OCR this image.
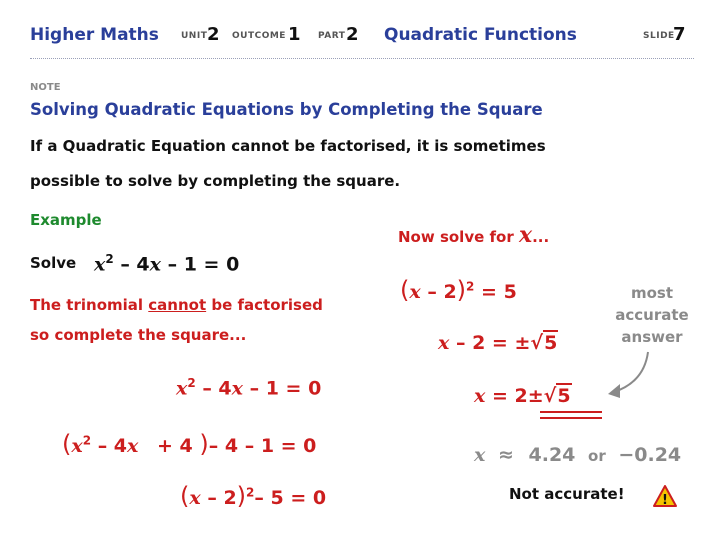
Higher Maths UNIT 2 OUTCOME 1 PART 2 Quadratic Functions	SLIDE
7
NOTE
Solving Quadratic Equations by Completing the Square
If a Quadratic Equation cannot be factorised, it is sometimes
possible to solve by completing the square.
Example
Solve $x^2 - 4x - 1 = 0$
The trinomial cannot be factorised
so complete the square...
$x^2 - 4x - 1 = 0$
($x^2 - 4x + 4$ )– 4 – 1 = 0
(x – 2)$^2$– 5 = 0
Now solve for x...
(x – 2)$^2$ = 5
x – 2 = ±√5
x = 2±√5
most
accurate
answer
x ≈ 4.24 or −0.24
Not accurate!	!
